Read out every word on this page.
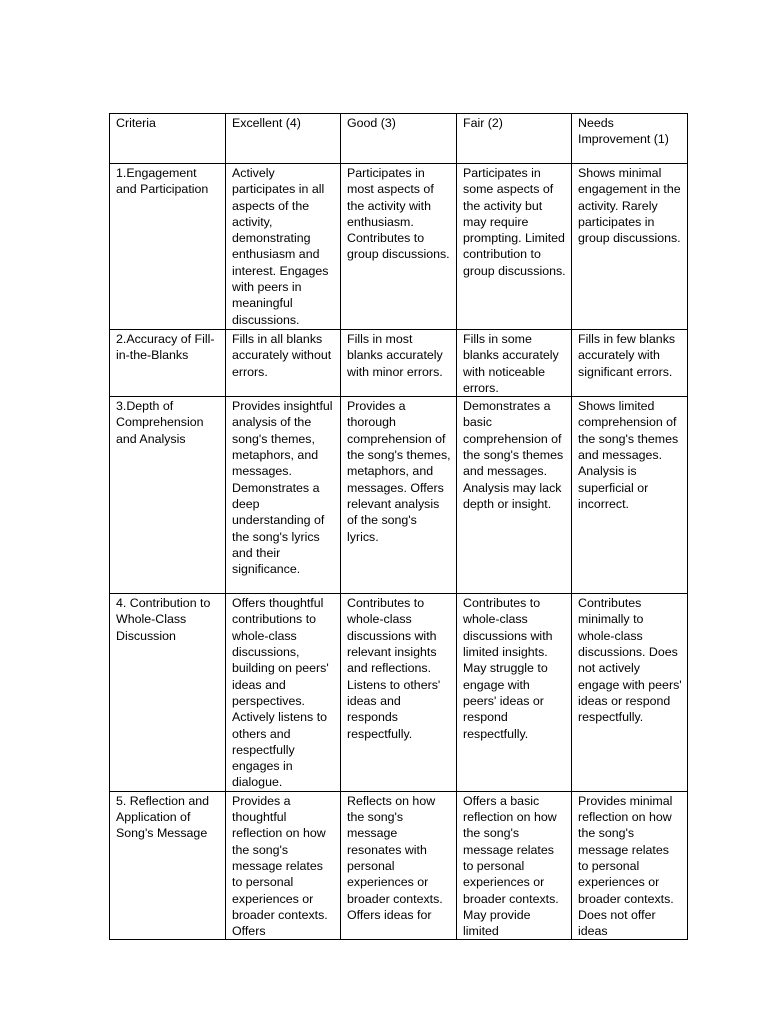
Criteria	Excellent (4)	Good (3)	Fair (2)	Needs Improvement (1)
1.Engagement and Participation	Actively participates in all aspects of the activity, demonstrating enthusiasm and interest. Engages with peers in meaningful discussions.	Participates in most aspects of the activity with enthusiasm. Contributes to group discussions.	Participates in some aspects of the activity but may require prompting. Limited contribution to group discussions.	Shows minimal engagement in the activity. Rarely participates in group discussions.
2.Accuracy of Fill-in-the-Blanks	Fills in all blanks accurately without errors.	Fills in most blanks accurately with minor errors.	Fills in some blanks accurately with noticeable errors.	Fills in few blanks accurately with significant errors.
3.Depth of Comprehension and Analysis	Provides insightful analysis of the song's themes, metaphors, and messages. Demonstrates a deep understanding of the song's lyrics and their significance.	Provides a thorough comprehension of the song's themes, metaphors, and messages. Offers relevant analysis of the song's lyrics.	Demonstrates a basic comprehension of the song's themes and messages. Analysis may lack depth or insight.	Shows limited comprehension of the song's themes and messages. Analysis is superficial or incorrect.
4. Contribution to Whole-Class Discussion	Offers thoughtful contributions to whole-class discussions, building on peers' ideas and perspectives. Actively listens to others and respectfully engages in dialogue.	Contributes to whole-class discussions with relevant insights and reflections. Listens to others' ideas and responds respectfully.	Contributes to whole-class discussions with limited insights. May struggle to engage with peers' ideas or respond respectfully.	Contributes minimally to whole-class discussions. Does not actively engage with peers' ideas or respond respectfully.
5. Reflection and Application of Song's Message	Provides a thoughtful reflection on how the song's message relates to personal experiences or broader contexts. Offers	Reflects on how the song's message resonates with personal experiences or broader contexts. Offers ideas for	Offers a basic reflection on how the song's message relates to personal experiences or broader contexts. May provide limited	Provides minimal reflection on how the song's message relates to personal experiences or broader contexts. Does not offer ideas
